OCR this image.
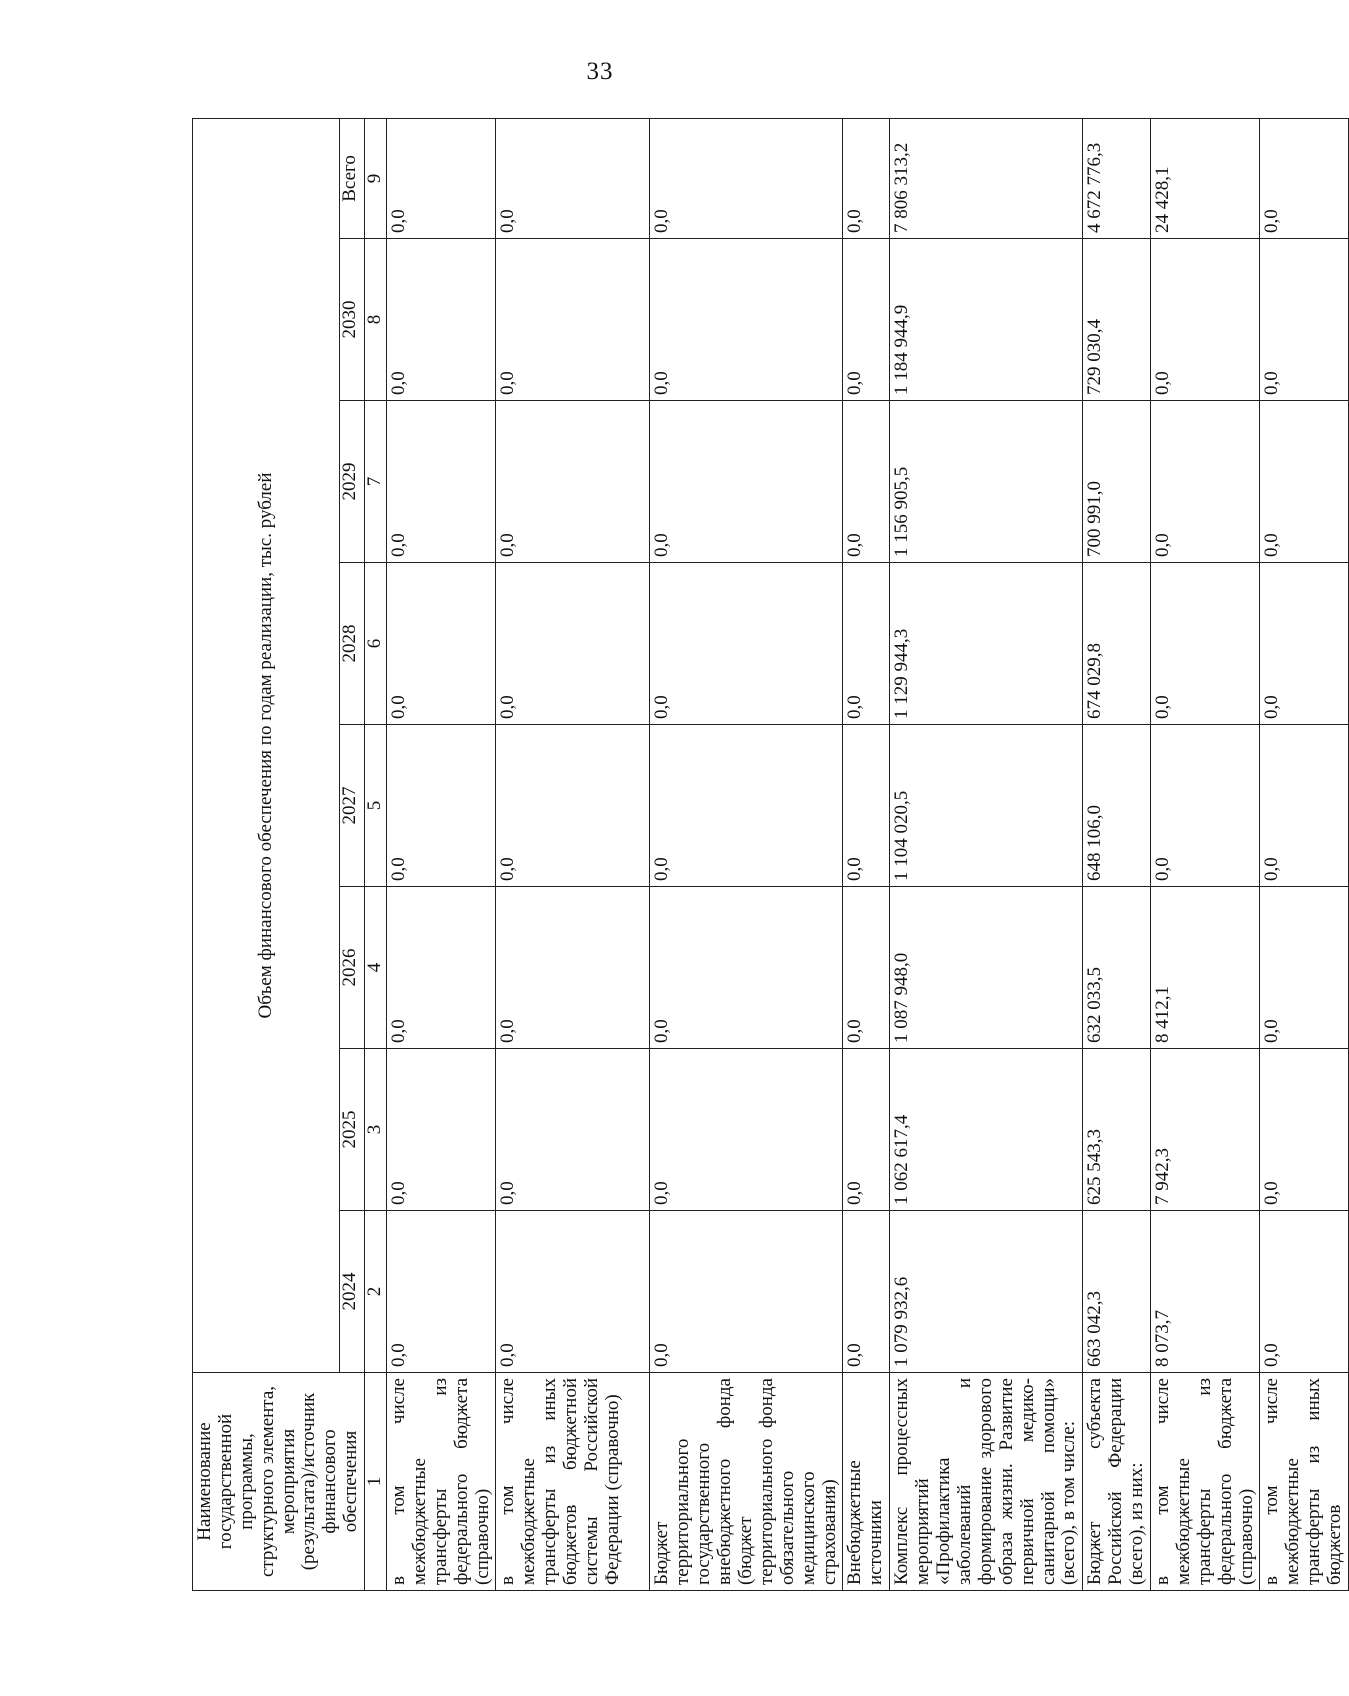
33
Наименование государственной программы, структурного элемента, мероприятия (результата)/источник финансового обеспечения	Объем финансового обеспечения по годам реализации, тыс. рублей							
	2024	2025	2026	2027	2028	2029	2030	Всего
1	2	3	4	5	6	7	8	9
в том числе межбюджетные трансферты из федерального бюджета (справочно)	0,0	0,0	0,0	0,0	0,0	0,0	0,0	0,0
в том числе межбюджетные трансферты из иных бюджетов бюджетной системы Российской Федерации (справочно)	0,0	0,0	0,0	0,0	0,0	0,0	0,0	0,0
Бюджет территориального государственного внебюджетного фонда (бюджет территориального фонда обязательного медицинского страхования)	0,0	0,0	0,0	0,0	0,0	0,0	0,0	0,0
Внебюджетные источники	0,0	0,0	0,0	0,0	0,0	0,0	0,0	0,0
Комплекс процессных мероприятий «Профилактика заболеваний и формирование здорового образа жизни. Развитие первичной медико-санитарной помощи» (всего), в том числе:	1 079 932,6	1 062 617,4	1 087 948,0	1 104 020,5	1 129 944,3	1 156 905,5	1 184 944,9	7 806 313,2
Бюджет субъекта Российской Федерации (всего), из них:	663 042,3	625 543,3	632 033,5	648 106,0	674 029,8	700 991,0	729 030,4	4 672 776,3
в том числе межбюджетные трансферты из федерального бюджета (справочно)	8 073,7	7 942,3	8 412,1	0,0	0,0	0,0	0,0	24 428,1
в том числе межбюджетные трансферты из иных бюджетов	0,0	0,0	0,0	0,0	0,0	0,0	0,0	0,0
